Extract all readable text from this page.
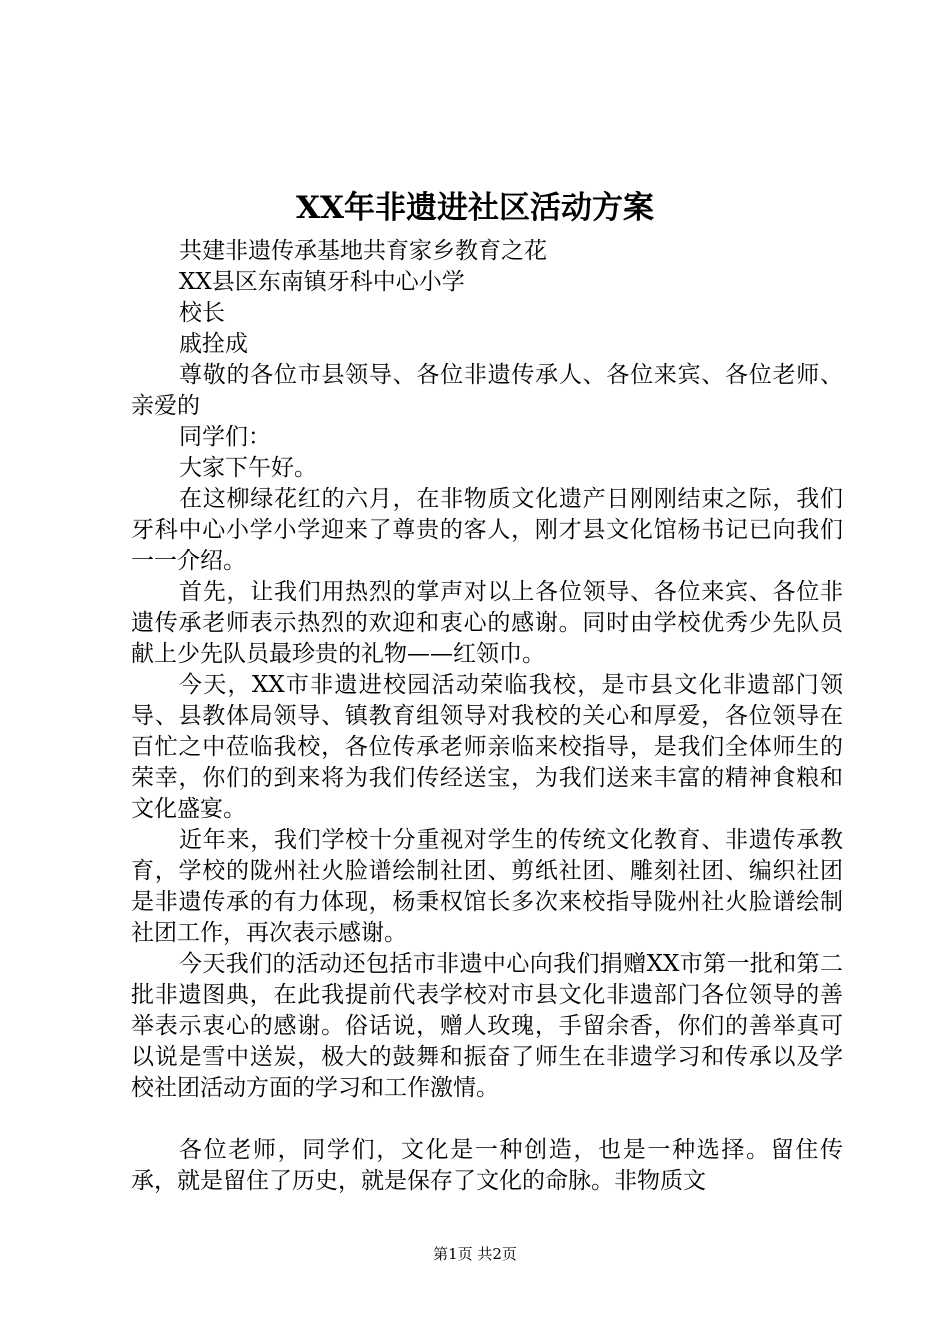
XX年非遗进社区活动方案

共建非遗传承基地共育家乡教育之花

XX县区东南镇牙科中心小学

校长

戚拴成

尊敬的各位市县领导、各位非遗传承人、各位来宾、各位老师、亲爱的

同学们：

大家下午好。

在这柳绿花红的六月，在非物质文化遗产日刚刚结束之际，我们牙科中心小学小学迎来了尊贵的客人，刚才县文化馆杨书记已向我们一一介绍。

首先，让我们用热烈的掌声对以上各位领导、各位来宾、各位非遗传承老师表示热烈的欢迎和衷心的感谢。同时由学校优秀少先队员献上少先队员最珍贵的礼物——红领巾。

今天，XX市非遗进校园活动荣临我校，是市县文化非遗部门领导、县教体局领导、镇教育组领导对我校的关心和厚爱，各位领导在百忙之中莅临我校，各位传承老师亲临来校指导，是我们全体师生的荣幸，你们的到来将为我们传经送宝，为我们送来丰富的精神食粮和文化盛宴。

近年来，我们学校十分重视对学生的传统文化教育、非遗传承教育，学校的陇州社火脸谱绘制社团、剪纸社团、雕刻社团、编织社团是非遗传承的有力体现，杨秉权馆长多次来校指导陇州社火脸谱绘制社团工作，再次表示感谢。

今天我们的活动还包括市非遗中心向我们捐赠XX市第一批和第二批非遗图典，在此我提前代表学校对市县文化非遗部门各位领导的善举表示衷心的感谢。俗话说，赠人玫瑰，手留余香，你们的善举真可以说是雪中送炭，极大的鼓舞和振奋了师生在非遗学习和传承以及学校社团活动方面的学习和工作激情。

各位老师，同学们，文化是一种创造，也是一种选择。留住传承，就是留住了历史，就是保存了文化的命脉。非物质文

第1页 共2页
